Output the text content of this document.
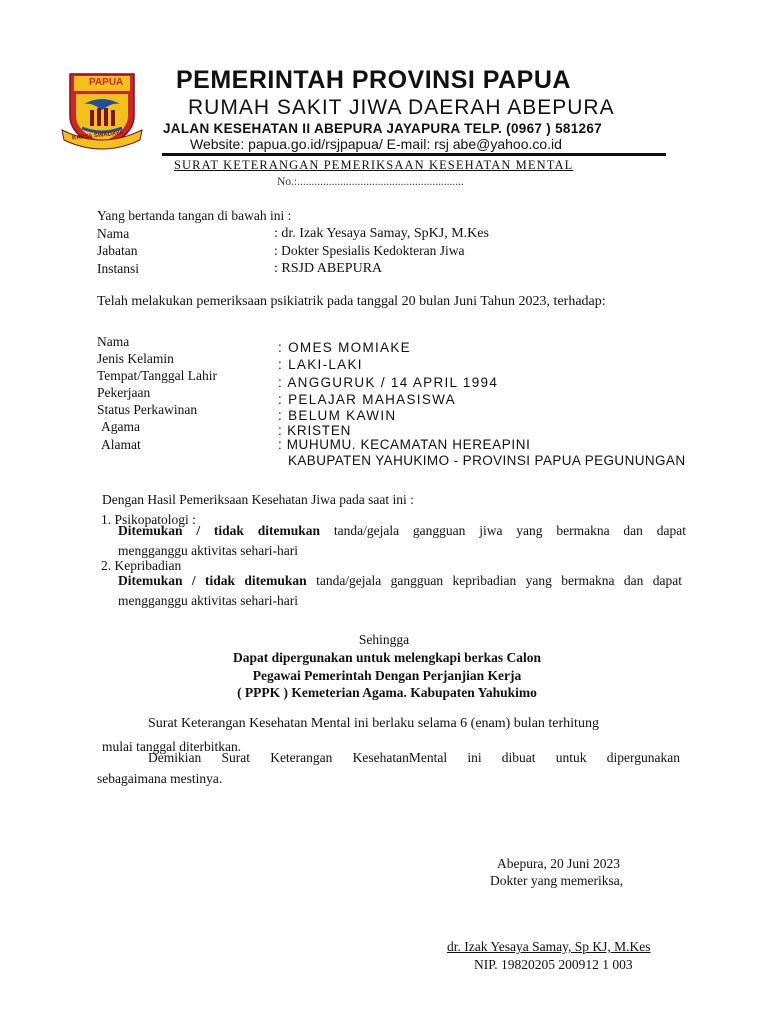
PAPUA
KARYA SWADAYA
PEMERINTAH PROVINSI PAPUA
RUMAH SAKIT JIWA DAERAH ABEPURA
JALAN KESEHATAN II ABEPURA JAYAPURA TELP. (0967 ) 581267
Website: papua.go.id/rsjpapua/ E-mail: rsj abe@yahoo.co.id
SURAT KETERANGAN PEMERIKSAAN KESEHATAN MENTAL
No.:..........................................................
Yang bertanda tangan di bawah ini :
Nama	: dr. Izak Yesaya Samay, SpKJ, M.Kes
Jabatan	: Dokter Spesialis Kedokteran Jiwa
Instansi	: RSJD ABEPURA
Telah melakukan pemeriksaan psikiatrik pada tanggal 20 bulan Juni Tahun 2023, terhadap:
Nama	: OMES MOMIAKE
Jenis Kelamin	: LAKI-LAKI
Tempat/Tanggal Lahir	: ANGGURUK / 14 APRIL 1994
Pekerjaan	: PELAJAR MAHASISWA
Status Perkawinan	: BELUM KAWIN
Agama	: KRISTEN
Alamat	: MUHUMU. KECAMATAN HEREAPINI
KABUPATEN YAHUKIMO - PROVINSI PAPUA PEGUNUNGAN
Dengan Hasil Pemeriksaan Kesehatan Jiwa pada saat ini :
1. Psikopatologi :
Ditemukan / tidak ditemukan tanda/gejala gangguan jiwa yang bermakna dan dapat
mengganggu aktivitas sehari-hari
2. Kepribadian
Ditemukan / tidak ditemukan tanda/gejala gangguan kepribadian yang bermakna dan dapat
mengganggu aktivitas sehari-hari
Sehingga
Dapat dipergunakan untuk melengkapi berkas Calon
Pegawai Pemerintah Dengan Perjanjian Kerja
( PPPK ) Kemeterian Agama. Kabupaten Yahukimo
Surat Keterangan Kesehatan Mental ini berlaku selama 6 (enam) bulan terhitung
mulai tanggal diterbitkan.
Demikian Surat Keterangan KesehatanMental ini dibuat untuk dipergunakan
sebagaimana mestinya.
Abepura, 20 Juni 2023
Dokter yang memeriksa,
dr. Izak Yesaya Samay, Sp KJ, M.Kes
NIP. 19820205 200912 1 003
